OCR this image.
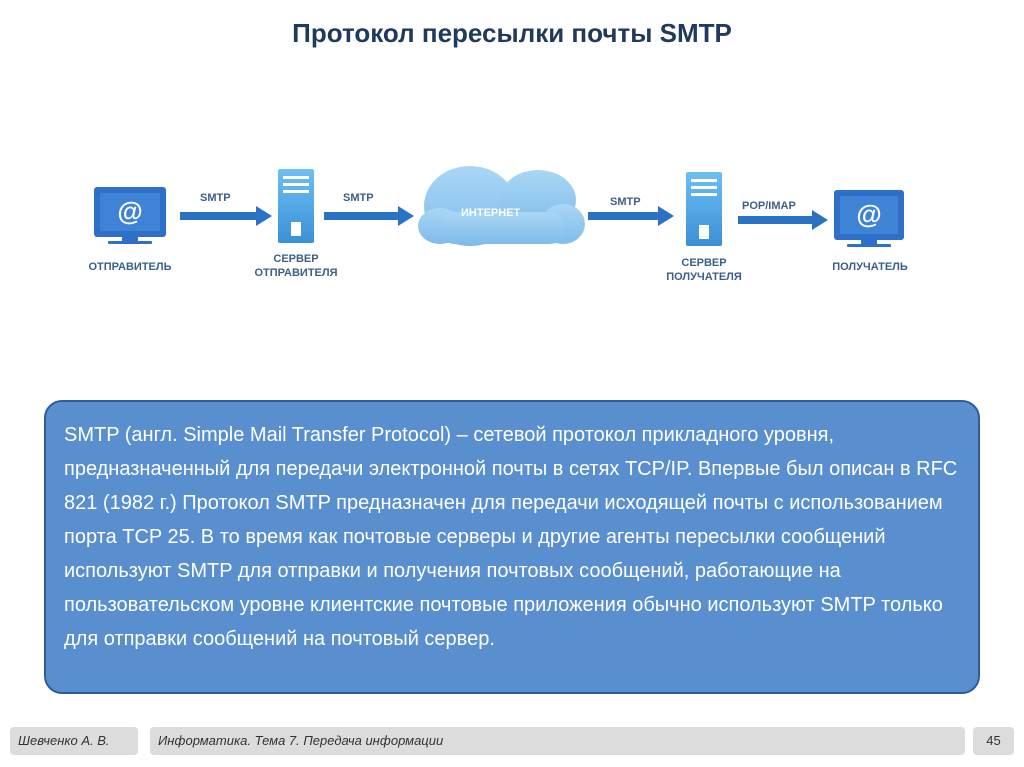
Протокол пересылки почты SMTP
@	@
SMTP	SMTP	SMTP	POP/IMAP
ИНТЕРНЕТ
ОТПРАВИТЕЛЬ
СЕРВЕР
ОТПРАВИТЕЛЯ
СЕРВЕР
ПОЛУЧАТЕЛЯ
ПОЛУЧАТЕЛЬ
SMTP (англ. Simple Mail Transfer Protocol) – сетевой протокол прикладного уровня, предназначенный для передачи электронной почты в сетях TCP/IP. Впервые был описан в RFC 821 (1982 г.) Протокол SMTP предназначен для передачи исходящей почты с использованием порта TCP 25. В то время как почтовые серверы и другие агенты пересылки сообщений используют SMTP для отправки и получения почтовых сообщений, работающие на пользовательском уровне клиентские почтовые приложения обычно используют SMTP только для отправки сообщений на почтовый сервер.
Шевченко А. В.	Информатика. Тема 7. Передача информации	45
